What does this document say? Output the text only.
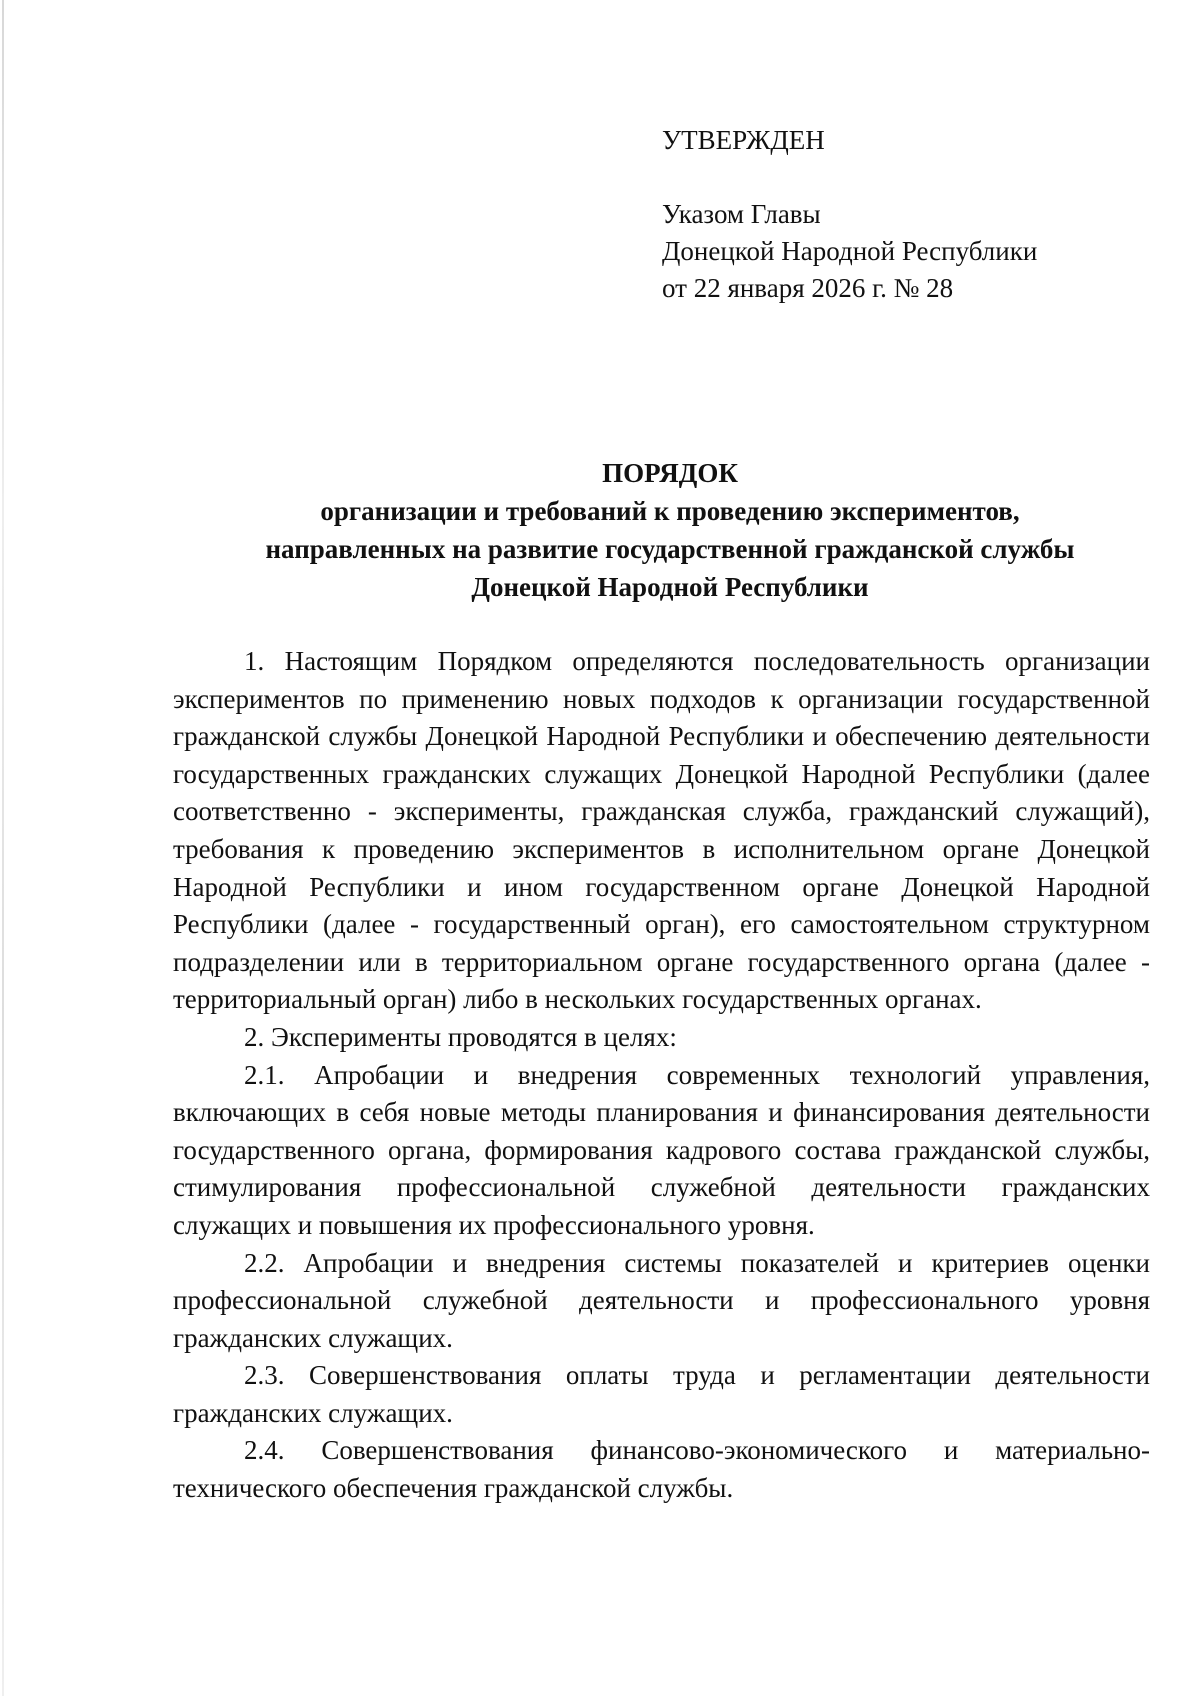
УТВЕРЖДЕН

Указом Главы

Донецкой Народной Республики

от 22 января 2026 г. № 28

ПОРЯДОК

организации и требований к проведению экспериментов,

направленных на развитие государственной гражданской службы

Донецкой Народной Республики

1. Настоящим Порядком определяются последовательность организации экспериментов по применению новых подходов к организации государственной гражданской службы Донецкой Народной Республики и обеспечению деятельности государственных гражданских служащих Донецкой Народной Республики (далее соответственно - эксперименты, гражданская служба, гражданский служащий), требования к проведению экспериментов в исполнительном органе Донецкой Народной Республики и ином государственном органе Донецкой Народной Республики (далее - государственный орган), его самостоятельном структурном подразделении или в территориальном органе государственного органа (далее - территориальный орган) либо в нескольких государственных органах.

2. Эксперименты проводятся в целях:

2.1. Апробации и внедрения современных технологий управления, включающих в себя новые методы планирования и финансирования деятельности государственного органа, формирования кадрового состава гражданской службы, стимулирования профессиональной служебной деятельности гражданских служащих и повышения их профессионального уровня.

2.2. Апробации и внедрения системы показателей и критериев оценки профессиональной служебной деятельности и профессионального уровня гражданских служащих.

2.3. Совершенствования оплаты труда и регламентации деятельности гражданских служащих.

2.4. Совершенствования финансово-экономического и материально-технического обеспечения гражданской службы.
